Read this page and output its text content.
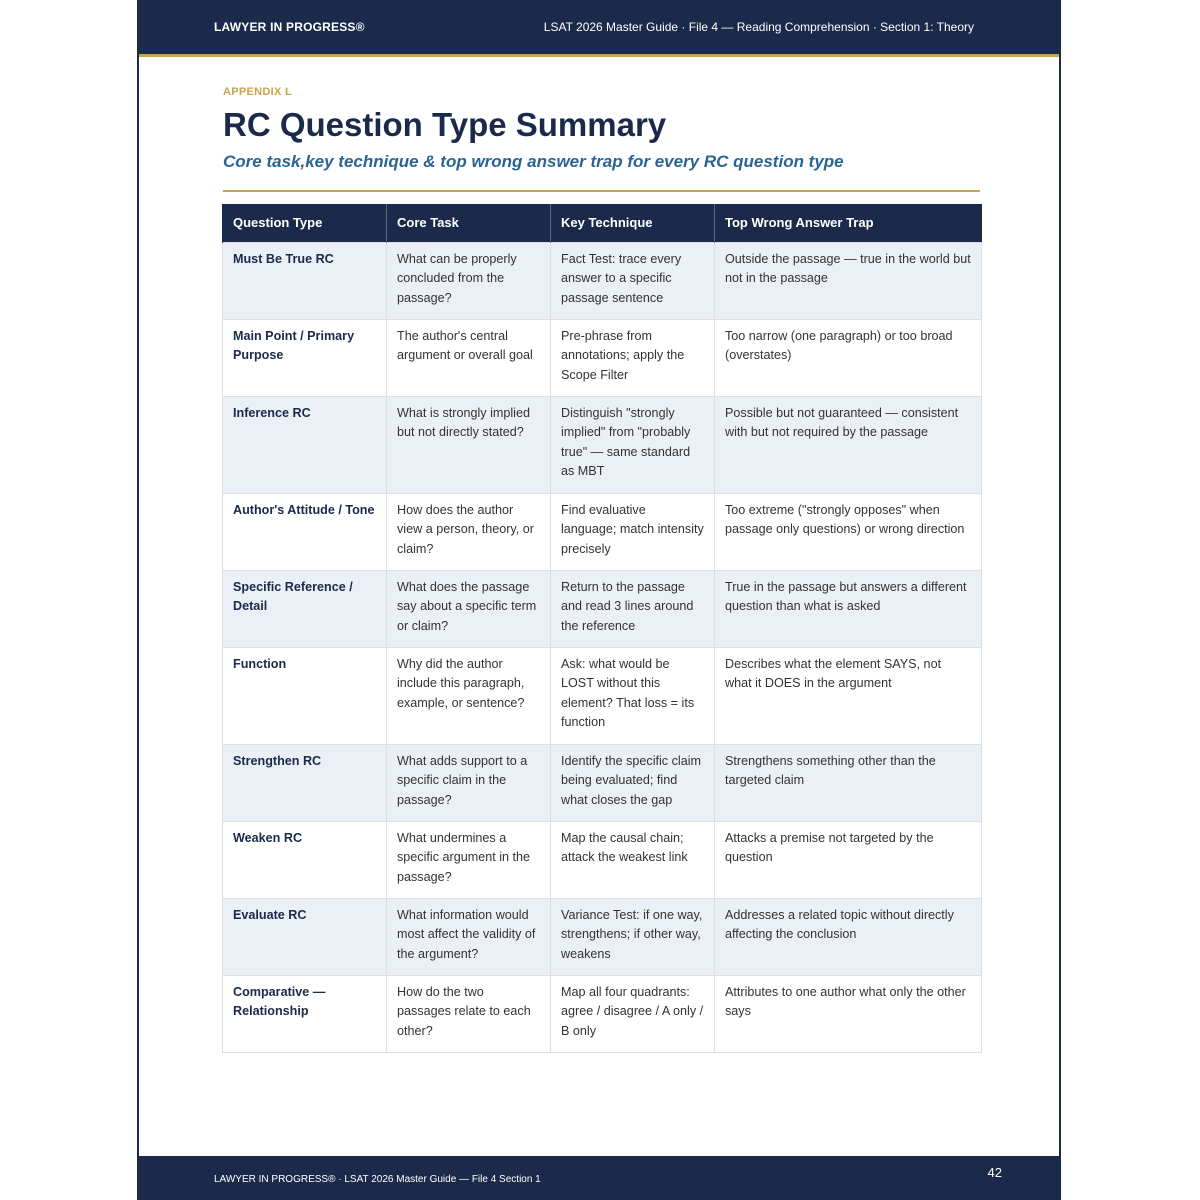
LAWYER IN PROGRESS®	LSAT 2026 Master Guide · File 4 — Reading Comprehension · Section 1: Theory
APPENDIX L
RC Question Type Summary
Core task,key technique & top wrong answer trap for every RC question type
Question Type	Core Task	Key Technique	Top Wrong Answer Trap
Must Be True RC	What can be properly concluded from the passage?	Fact Test: trace every answer to a specific passage sentence	Outside the passage — true in the world but not in the passage
Main Point / Primary Purpose	The author's central argument or overall goal	Pre-phrase from annotations; apply the Scope Filter	Too narrow (one paragraph) or too broad (overstates)
Inference RC	What is strongly implied but not directly stated?	Distinguish "strongly implied" from "probably true" — same standard as MBT	Possible but not guaranteed — consistent with but not required by the passage
Author's Attitude / Tone	How does the author view a person, theory, or claim?	Find evaluative language; match intensity precisely	Too extreme ("strongly opposes" when passage only questions) or wrong direction
Specific Reference / Detail	What does the passage say about a specific term or claim?	Return to the passage and read 3 lines around the reference	True in the passage but answers a different question than what is asked
Function	Why did the author include this paragraph, example, or sentence?	Ask: what would be LOST without this element? That loss = its function	Describes what the element SAYS, not what it DOES in the argument
Strengthen RC	What adds support to a specific claim in the passage?	Identify the specific claim being evaluated; find what closes the gap	Strengthens something other than the targeted claim
Weaken RC	What undermines a specific argument in the passage?	Map the causal chain; attack the weakest link	Attacks a premise not targeted by the question
Evaluate RC	What information would most affect the validity of the argument?	Variance Test: if one way, strengthens; if other way, weakens	Addresses a related topic without directly affecting the conclusion
Comparative — Relationship	How do the two passages relate to each other?	Map all four quadrants: agree / disagree / A only / B only	Attributes to one author what only the other says
LAWYER IN PROGRESS® · LSAT 2026 Master Guide — File 4 Section 1	42
